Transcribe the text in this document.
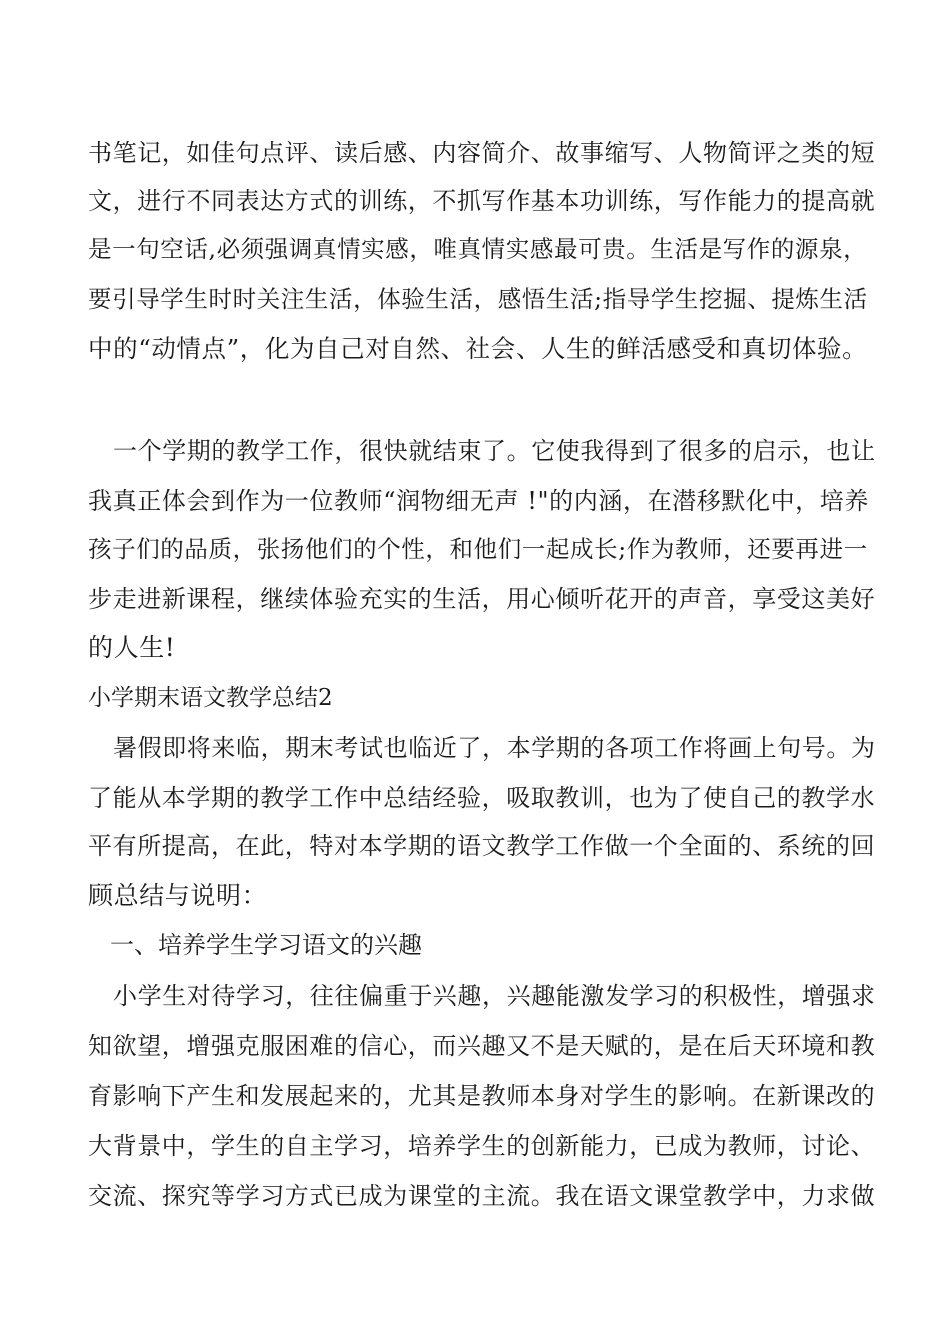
书笔记，如佳句点评、读后感、内容简介、故事缩写、人物简评之类的短
文，进行不同表达方式的训练，不抓写作基本功训练，写作能力的提高就
是一句空话,必须强调真情实感，唯真情实感最可贵。生活是写作的源泉，
要引导学生时时关注生活，体验生活，感悟生活;指导学生挖掘、提炼生活
中的“动情点”，化为自己对自然、社会、人生的鲜活感受和真切体验。
一个学期的教学工作，很快就结束了。它使我得到了很多的启示，也让
我真正体会到作为一位教师“润物细无声 !"的内涵，在潜移默化中，培养
孩子们的品质，张扬他们的个性，和他们一起成长;作为教师，还要再进一
步走进新课程，继续体验充实的生活，用心倾听花开的声音，享受这美好
的人生!
小学期末语文教学总结2
暑假即将来临，期末考试也临近了，本学期的各项工作将画上句号。为
了能从本学期的教学工作中总结经验，吸取教训，也为了使自己的教学水
平有所提高，在此，特对本学期的语文教学工作做一个全面的、系统的回
顾总结与说明：
一、培养学生学习语文的兴趣
小学生对待学习，往往偏重于兴趣，兴趣能激发学习的积极性，增强求
知欲望，增强克服困难的信心，而兴趣又不是天赋的，是在后天环境和教
育影响下产生和发展起来的，尤其是教师本身对学生的影响。在新课改的
大背景中，学生的自主学习，培养学生的创新能力，已成为教师，讨论、
交流、探究等学习方式已成为课堂的主流。我在语文课堂教学中，力求做
